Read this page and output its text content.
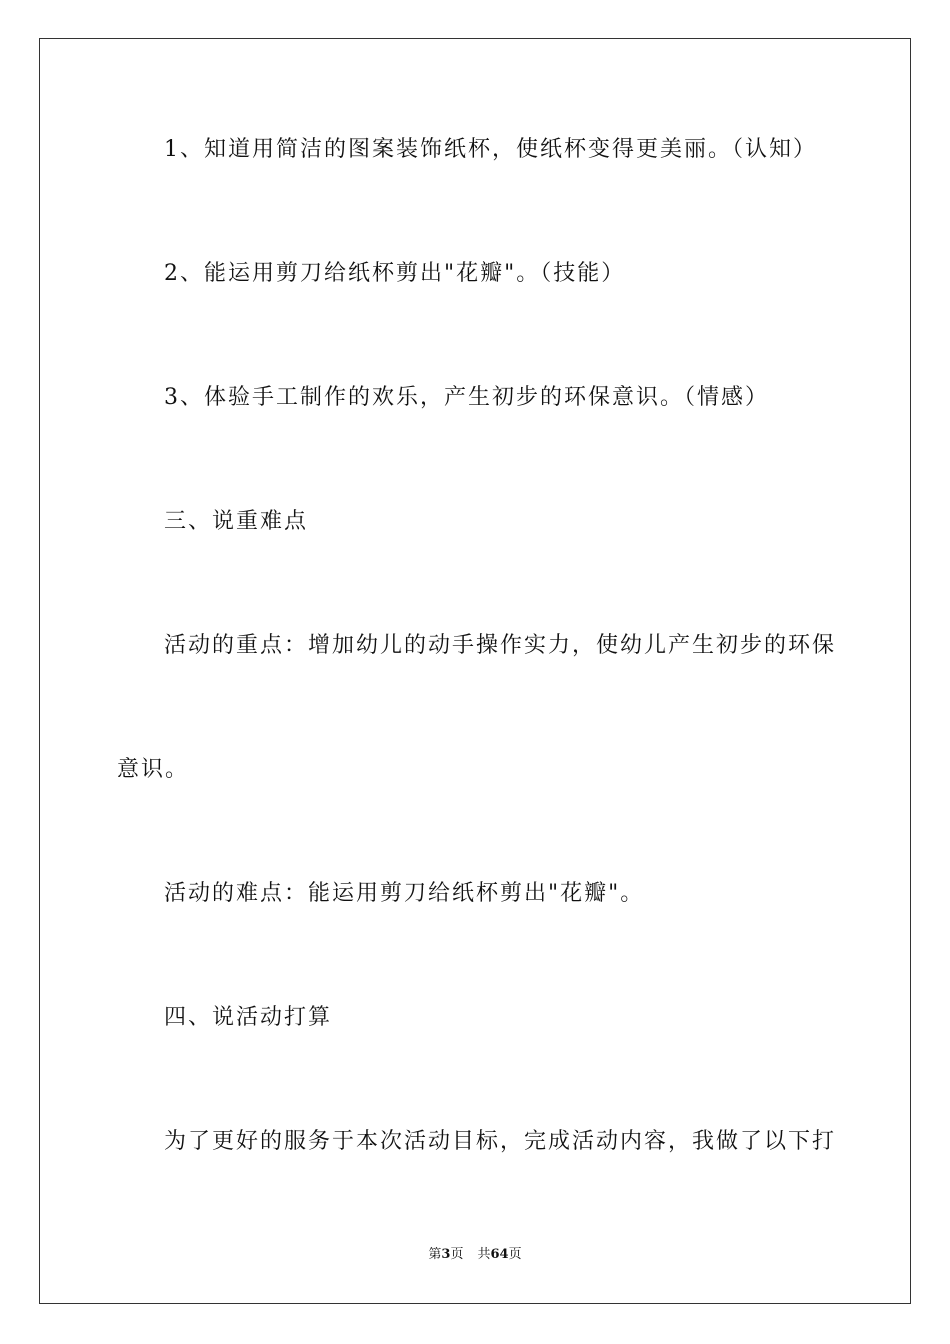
1、知道用简洁的图案装饰纸杯，使纸杯变得更美丽。（认知）
2、能运用剪刀给纸杯剪出"花瓣"。（技能）
3、体验手工制作的欢乐，产生初步的环保意识。（情感）
三、说重难点
活动的重点：增加幼儿的动手操作实力，使幼儿产生初步的环保
意识。
活动的难点：能运用剪刀给纸杯剪出"花瓣"。
四、说活动打算
为了更好的服务于本次活动目标，完成活动内容，我做了以下打
第3页 共64页
